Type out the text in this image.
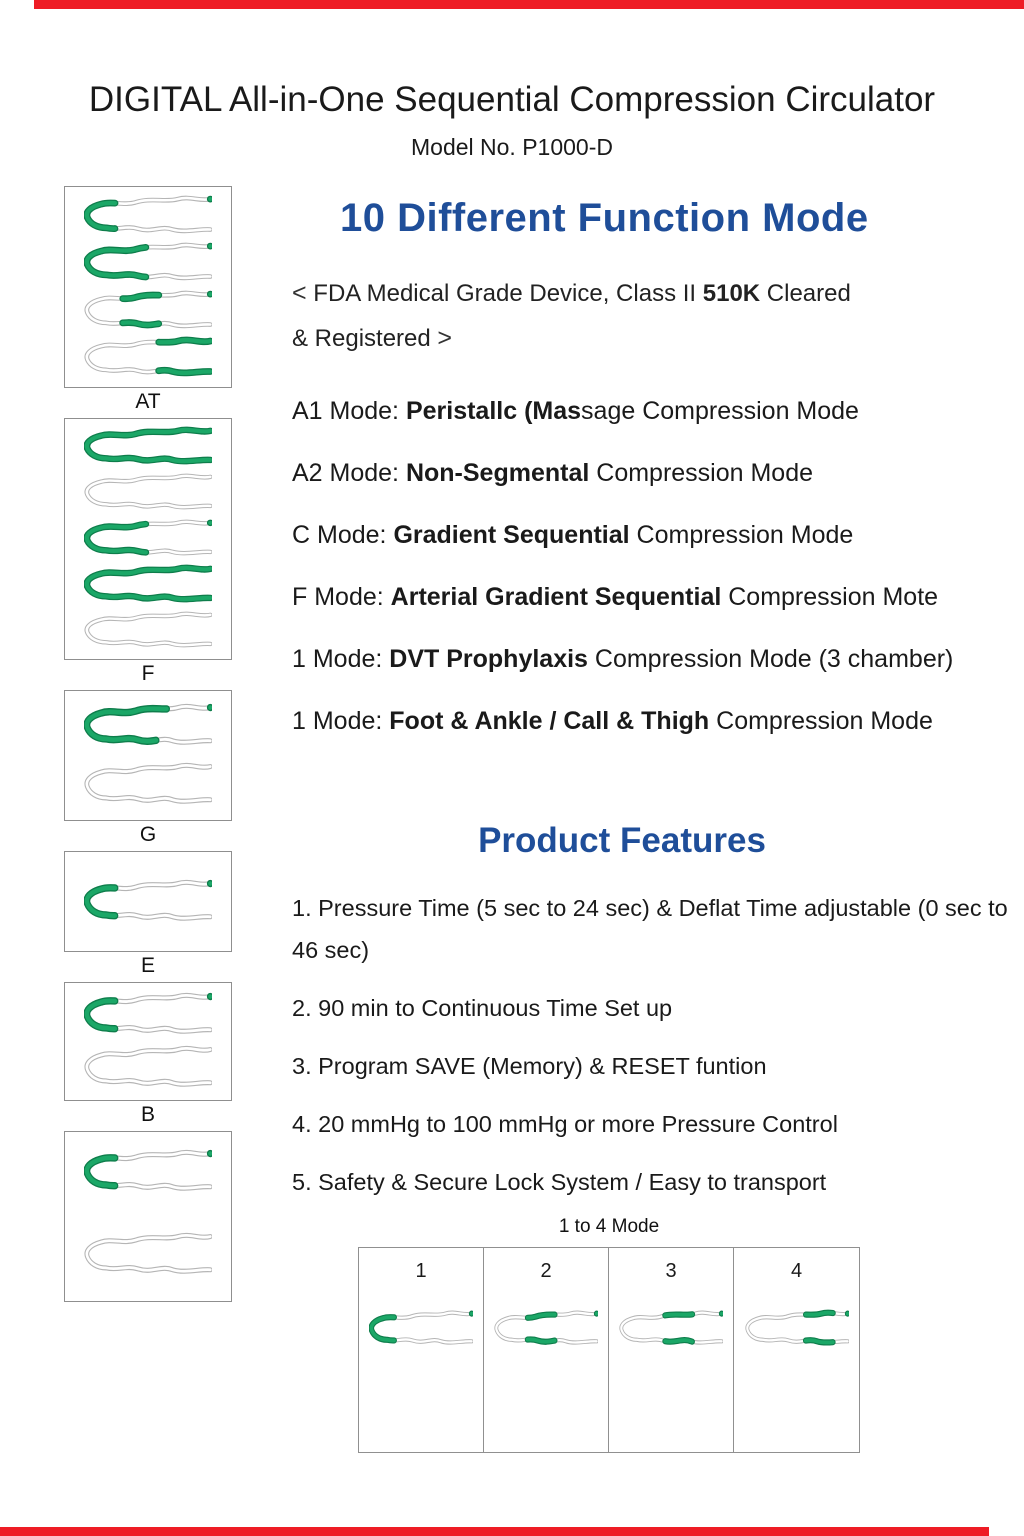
DIGITAL All-in-One Sequential Compression Circulator
Model No. P1000-D
AT
F
G
E
B
10 Different Function Mode

< FDA Medical Grade Device, Class II 510K Cleared
& Registered >

A1 Mode: Peristallc (Massage Compression Mode
A2 Mode: Non-Segmental Compression Mode
C Mode: Gradient Sequential Compression Mode
F Mode: Arterial Gradient Sequential Compression Mote
1 Mode: DVT Prophylaxis Compression Mode (3 chamber)
1 Mode: Foot & Ankle / Call & Thigh Compression Mode
Product Features
1. Pressure Time (5 sec to 24 sec) & Deflat Time adjustable (0 sec to 46 sec)
2. 90 min to Continuous Time Set up
3. Program SAVE (Memory) & RESET funtion
4. 20 mmHg to 100 mmHg or more Pressure Control
5. Safety & Secure Lock System / Easy to transport
1 to 4 Mode
1	2	3	4
